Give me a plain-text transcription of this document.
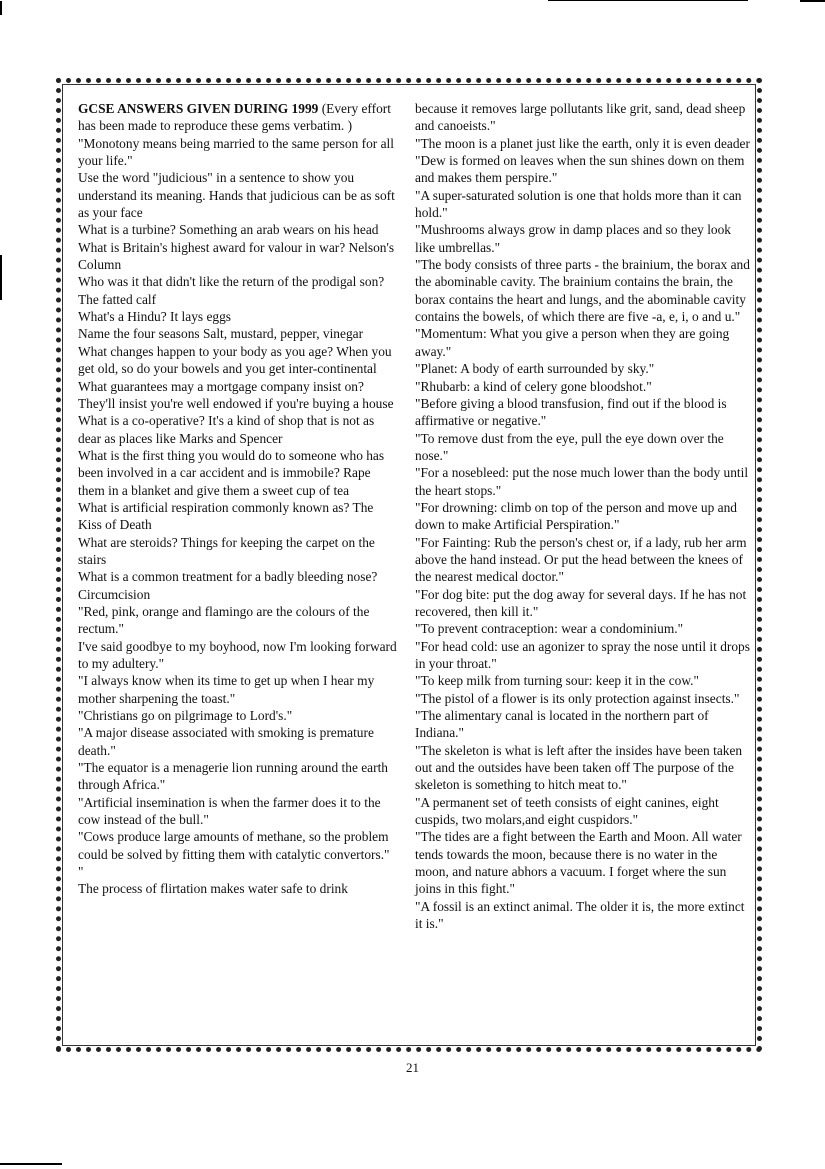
GCSE ANSWERS GIVEN DURING 1999 (Every effort has been made to reproduce these gems verbatim. )

"Monotony means being married to the same person for all your life."

Use the word "judicious" in a sentence to show you understand its meaning. Hands that judicious can be as soft as your face

What is a turbine? Something an arab wears on his head

What is Britain's highest award for valour in war? Nelson's Column

Who was it that didn't like the return of the prodigal son? The fatted calf

What's a Hindu? It lays eggs

Name the four seasons Salt, mustard, pepper, vinegar

What changes happen to your body as you age? When you get old, so do your bowels and you get inter-continental

What guarantees may a mortgage company insist on? They'll insist you're well endowed if you're buying a house

What is a co-operative? It's a kind of shop that is not as dear as places like Marks and Spencer

What is the first thing you would do to someone who has been involved in a car accident and is immobile? Rape them in a blanket and give them a sweet cup of tea

What is artificial respiration commonly known as? The Kiss of Death

What are steroids? Things for keeping the carpet on the stairs

What is a common treatment for a badly bleeding nose? Circumcision

"Red, pink, orange and flamingo are the colours of the rectum."

I've said goodbye to my boyhood, now I'm looking forward to my adultery."

"I always know when its time to get up when I hear my mother sharpening the toast."

"Christians go on pilgrimage to Lord's."

"A major disease associated with smoking is premature death."

"The equator is a menagerie lion running around the earth through Africa."

"Artificial insemination is when the farmer does it to the cow instead of the bull."

"Cows produce large amounts of methane, so the problem could be solved by fitting them with catalytic convertors."

"

The process of flirtation makes water safe to drink

because it removes large pollutants like grit, sand, dead sheep and canoeists."

"The moon is a planet just like the earth, only it is even deader

"Dew is formed on leaves when the sun shines down on them and makes them perspire."

"A super-saturated solution is one that holds more than it can hold."

"Mushrooms always grow in damp places and so they look like umbrellas."

"The body consists of three parts - the brainium, the borax and the abominable cavity. The brainium contains the brain, the borax contains the heart and lungs, and the abominable cavity contains the bowels, of which there are five -a, e, i, o and u."

"Momentum: What you give a person when they are going away."

"Planet: A body of earth surrounded by sky."

"Rhubarb: a kind of celery gone bloodshot."

"Before giving a blood transfusion, find out if the blood is affirmative or negative."

"To remove dust from the eye, pull the eye down over the nose."

"For a nosebleed: put the nose much lower than the body until the heart stops."

"For drowning: climb on top of the person and move up and down to make Artificial Perspiration."

"For Fainting: Rub the person's chest or, if a lady, rub her arm above the hand instead. Or put the head between the knees of the nearest medical doctor."

"For dog bite: put the dog away for several days. If he has not recovered, then kill it."

"To prevent contraception: wear a condominium."

"For head cold: use an agonizer to spray the nose until it drops in your throat."

"To keep milk from turning sour: keep it in the cow."

"The pistol of a flower is its only protection against insects."

"The alimentary canal is located in the northern part of Indiana."

"The skeleton is what is left after the insides have been taken out and the outsides have been taken off The purpose of the skeleton is something to hitch meat to."

"A permanent set of teeth consists of eight canines, eight cuspids, two molars,and eight cuspidors."

"The tides are a fight between the Earth and Moon. All water tends towards the moon, because there is no water in the moon, and nature abhors a vacuum. I forget where the sun joins in this fight."

"A fossil is an extinct animal. The older it is, the more extinct it is."

21
